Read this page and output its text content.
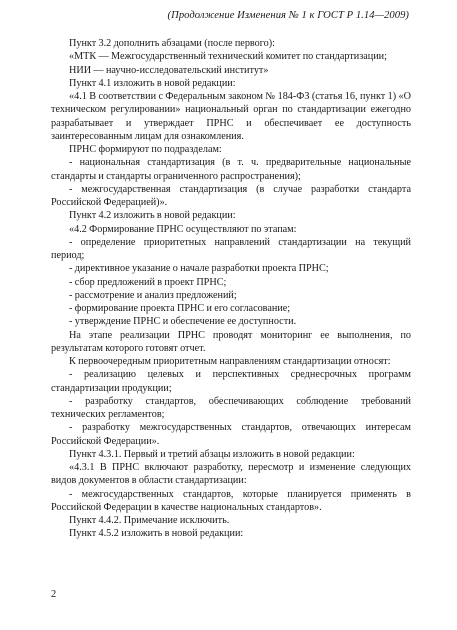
(Продолжение Изменения № 1 к ГОСТ Р 1.14—2009)

Пункт 3.2 дополнить абзацами (после первого):

«МТК — Межгосударственный технический комитет по стандартизации;

НИИ — научно-исследовательский институт»

Пункт 4.1 изложить в новой редакции:

«4.1 В соответствии с Федеральным законом № 184-ФЗ (статья 16, пункт 1) «О техническом регулировании» национальный орган по стандартизации ежегодно разрабатывает и утверждает ПРНС и обеспечивает ее доступность заинтересованным лицам для ознакомления.

ПРНС формируют по подразделам:

- национальная стандартизация (в т. ч. предварительные национальные стандарты и стандарты ограниченного распространения);

- межгосударственная стандартизация (в случае разработки стандарта Российской Федерацией)».

Пункт 4.2 изложить в новой редакции:

«4.2 Формирование ПРНС осуществляют по этапам:

- определение приоритетных направлений стандартизации на текущий период;

- директивное указание о начале разработки проекта ПРНС;

- сбор предложений в проект ПРНС;

- рассмотрение и анализ предложений;

- формирование проекта ПРНС и его согласование;

- утверждение ПРНС и обеспечение ее доступности.

На этапе реализации ПРНС проводят мониторинг ее выполнения, по результатам которого готовят отчет.

К первоочередным приоритетным направлениям стандартизации относят:

- реализацию целевых и перспективных среднесрочных программ стандартизации продукции;

- разработку стандартов, обеспечивающих соблюдение требований технических регламентов;

- разработку межгосударственных стандартов, отвечающих интересам Российской Федерации».

Пункт 4.3.1. Первый и третий абзацы изложить в новой редакции:

«4.3.1 В ПРНС включают разработку, пересмотр и изменение следующих видов документов в области стандартизации:

- межгосударственных стандартов, которые планируется применять в Российской Федерации в качестве национальных стандартов».

Пункт 4.4.2. Примечание исключить.

Пункт 4.5.2 изложить в новой редакции:

2
